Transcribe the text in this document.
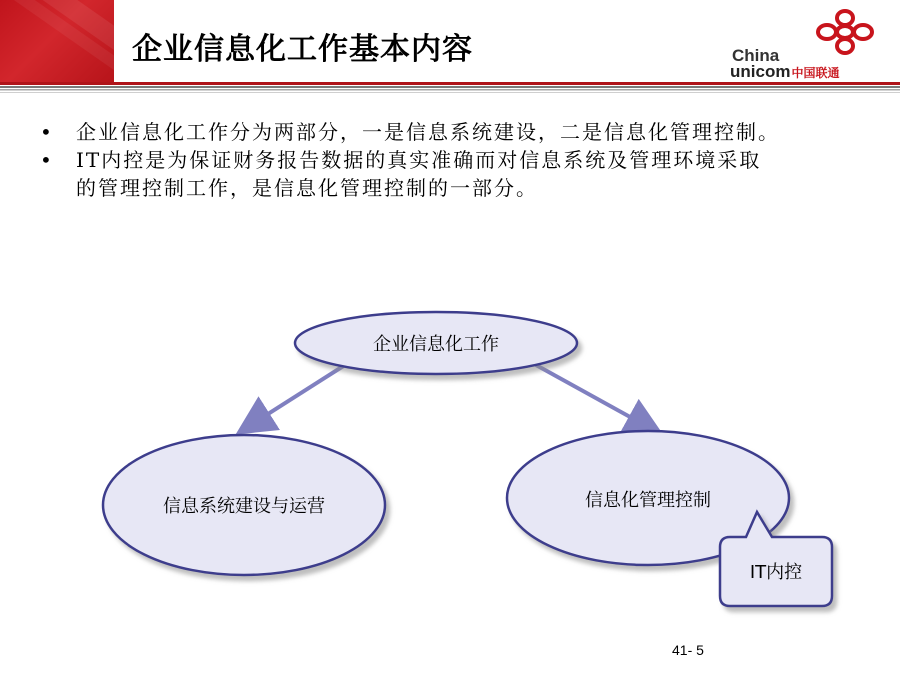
企业信息化工作基本内容	China
unicom中国联通
• 企业信息化工作分为两部分，一是信息系统建设，二是信息化管理控制。
• IT内控是为保证财务报告数据的真实准确而对信息系统及管理环境采取
的管理控制工作，是信息化管理控制的一部分。
企业信息化工作
信息系统建设与运营	信息化管理控制
IT内控
41- 5
